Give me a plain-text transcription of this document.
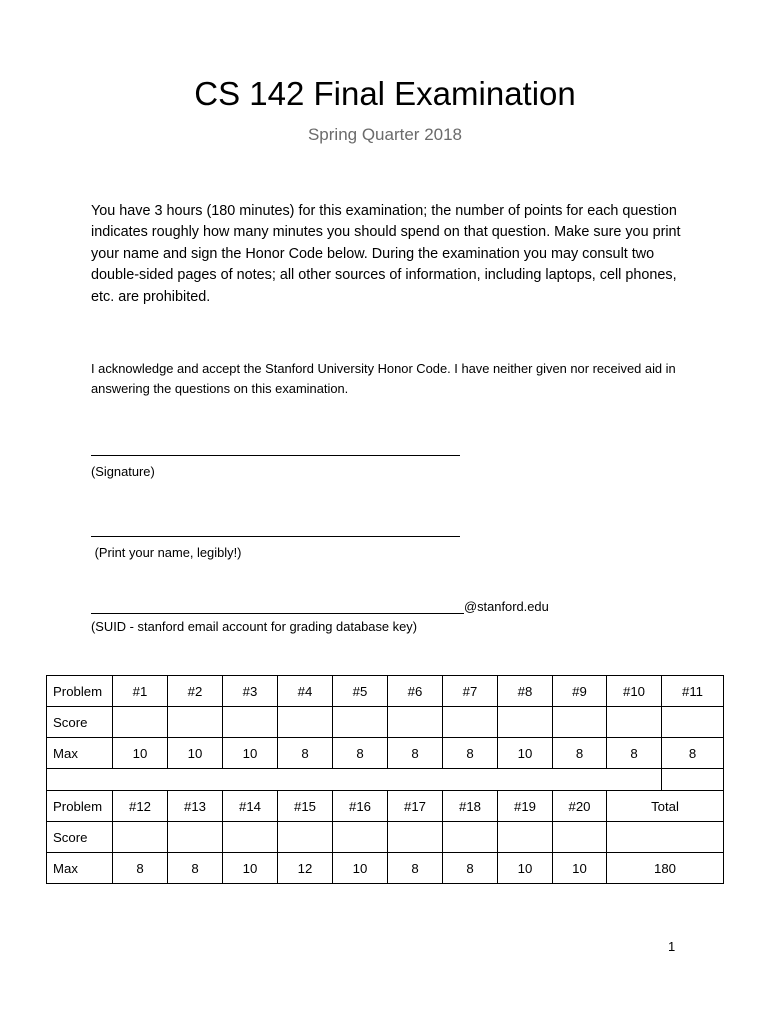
CS 142 Final Examination
Spring Quarter 2018

You have 3 hours (180 minutes) for this examination; the number of points for each question indicates roughly how many minutes you should spend on that question. Make sure you print your name and sign the Honor Code below. During the examination you may consult two double-sided pages of notes; all other sources of information, including laptops, cell phones, etc. are prohibited.

I acknowledge and accept the Stanford University Honor Code. I have neither given nor received aid in answering the questions on this examination.

(Signature)
(Print your name, legibly!)
@stanford.edu
(SUID - stanford email account for grading database key)
Problem	#1	#2	#3	#4	#5	#6	#7	#8	#9	#10	#11
Score											
Max	10	10	10	8	8	8	8	10	8	8	8

Problem	#12	#13	#14	#15	#16	#17	#18	#19	#20	Total	
Score											
Max	8	8	10	12	10	8	8	10	10	180	
1
